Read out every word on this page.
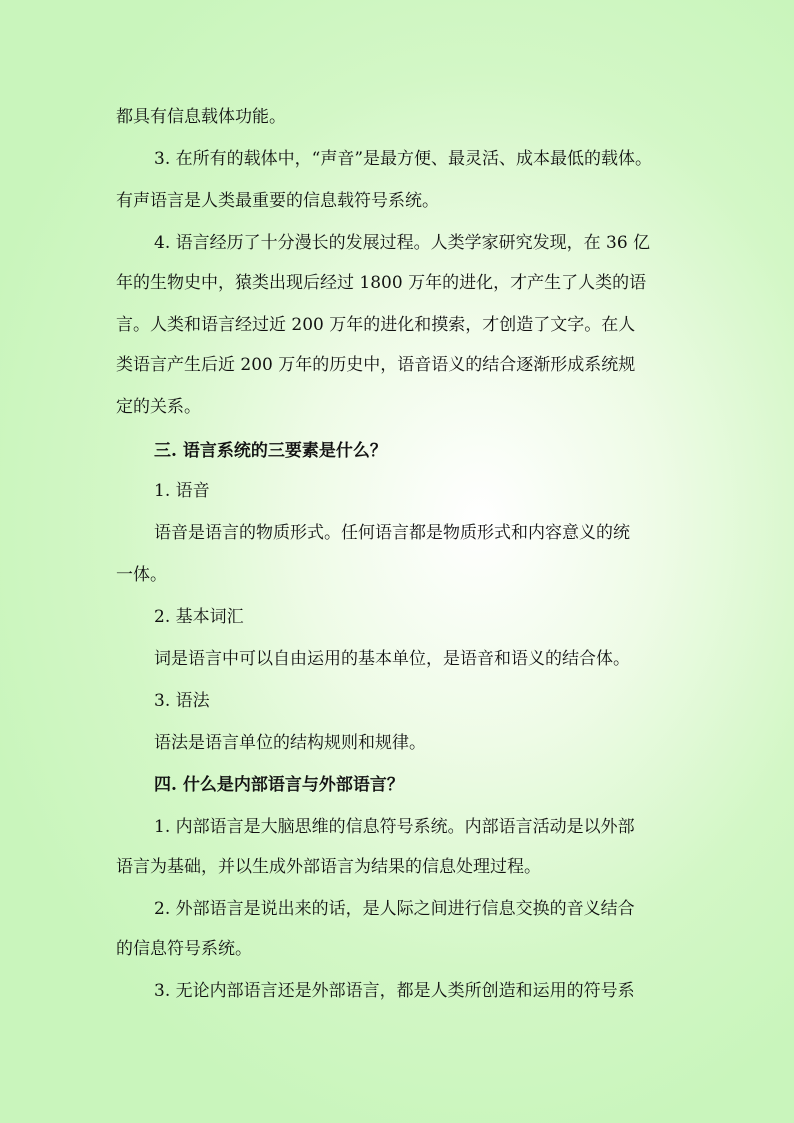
都具有信息载体功能。
3. 在所有的载体中，“声音”是最方便、最灵活、成本最低的载体。
有声语言是人类最重要的信息载符号系统。
4. 语言经历了十分漫长的发展过程。人类学家研究发现，在 36 亿
年的生物史中，猿类出现后经过 1800 万年的进化，才产生了人类的语
言。人类和语言经过近 200 万年的进化和摸索，才创造了文字。在人
类语言产生后近 200 万年的历史中，语音语义的结合逐渐形成系统规
定的关系。
三. 语言系统的三要素是什么？
1. 语音
语音是语言的物质形式。任何语言都是物质形式和内容意义的统
一体。
2. 基本词汇
词是语言中可以自由运用的基本单位，是语音和语义的结合体。
3. 语法
语法是语言单位的结构规则和规律。
四. 什么是内部语言与外部语言？
1. 内部语言是大脑思维的信息符号系统。内部语言活动是以外部
语言为基础，并以生成外部语言为结果的信息处理过程。
2. 外部语言是说出来的话，是人际之间进行信息交换的音义结合
的信息符号系统。
3. 无论内部语言还是外部语言，都是人类所创造和运用的符号系
